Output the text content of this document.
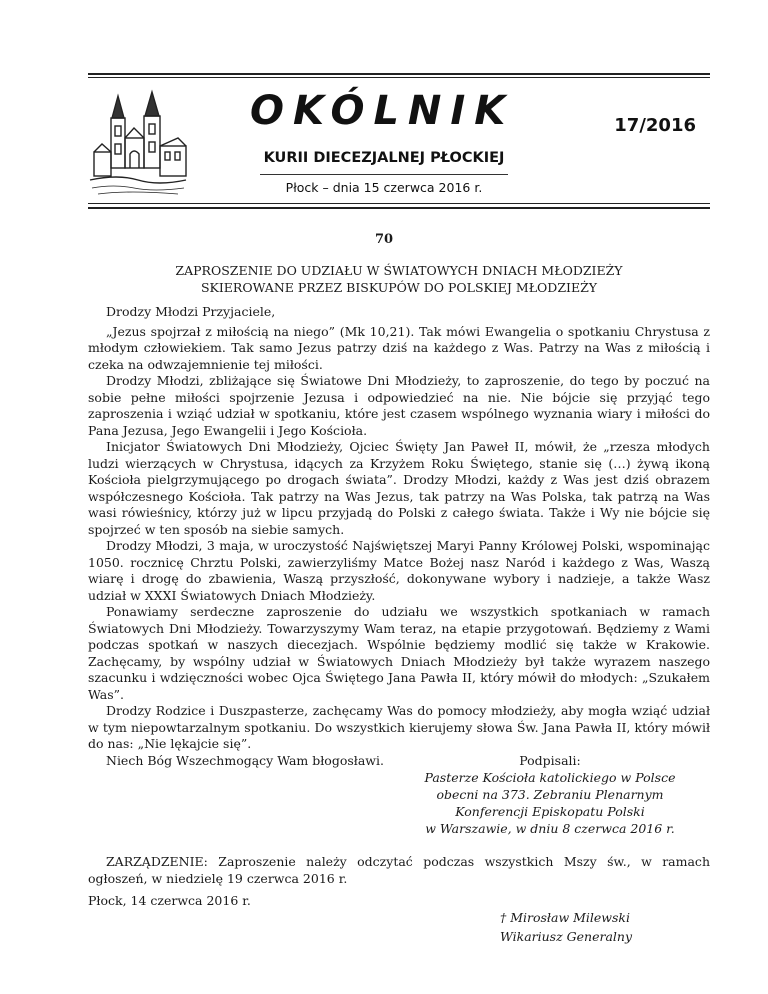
OKÓLNIK
KURII DIECEZJALNEJ PŁOCKIEJ
Płock – dnia 15 czerwca 2016 r.
17/2016
70
ZAPROSZENIE DO UDZIAŁU W ŚWIATOWYCH DNIACH MŁODZIEŻY
SKIEROWANE PRZEZ BISKUPÓW DO POLSKIEJ MŁODZIEŻY

Drodzy Młodzi Przyjaciele,

„Jezus spojrzał z miłością na niego” (Mk 10,21). Tak mówi Ewangelia o spotkaniu Chrystusa z młodym człowiekiem. Tak samo Jezus patrzy dziś na każdego z Was. Patrzy na Was z miłością i czeka na odwzajemnienie tej miłości.

Drodzy Młodzi, zbliżające się Światowe Dni Młodzieży, to zaproszenie, do tego by poczuć na sobie pełne miłości spojrzenie Jezusa i odpowiedzieć na nie. Nie bójcie się przyjąć tego zaproszenia i wziąć udział w spotkaniu, które jest czasem wspólnego wyznania wiary i miłości do Pana Jezusa, Jego Ewangelii i Jego Kościoła.

Inicjator Światowych Dni Młodzieży, Ojciec Święty Jan Paweł II, mówił, że „rzesza młodych ludzi wierzących w Chrystusa, idących za Krzyżem Roku Świętego, stanie się (…) żywą ikoną Kościoła pielgrzymującego po drogach świata”. Drodzy Młodzi, każdy z Was jest dziś obrazem współczesnego Kościoła. Tak patrzy na Was Jezus, tak patrzy na Was Polska, tak patrzą na Was wasi rówieśnicy, którzy już w lipcu przyjadą do Polski z całego świata. Także i Wy nie bójcie się spojrzeć w ten sposób na siebie samych.

Drodzy Młodzi, 3 maja, w uroczystość Najświętszej Maryi Panny Królowej Polski, wspominając 1050. rocznicę Chrztu Polski, zawierzyliśmy Matce Bożej nasz Naród i każdego z Was, Waszą wiarę i drogę do zbawienia, Waszą przyszłość, dokonywane wybory i nadzieje, a także Wasz udział w XXXI Światowych Dniach Młodzieży.

Ponawiamy serdeczne zaproszenie do udziału we wszystkich spotkaniach w ramach Światowych Dni Młodzieży. Towarzyszymy Wam teraz, na etapie przygotowań. Będziemy z Wami podczas spotkań w naszych diecezjach. Wspólnie będziemy modlić się także w Krakowie. Zachęcamy, by wspólny udział w Światowych Dniach Młodzieży był także wyrazem naszego szacunku i wdzięczności wobec Ojca Świętego Jana Pawła II, który mówił do młodych: „Szukałem Was”.

Drodzy Rodzice i Duszpasterze, zachęcamy Was do pomocy młodzieży, aby mogła wziąć udział w tym niepowtarzalnym spotkaniu. Do wszystkich kierujemy słowa Św. Jana Pawła II, który mówił do nas: „Nie lękajcie się”.

Niech Bóg Wszechmogący Wam błogosławi.	Podpisali:
Pasterze Kościoła katolickiego w Polsce
obecni na 373. Zebraniu Plenarnym
Konferencji Episkopatu Polski
w Warszawie, w dniu 8 czerwca 2016 r.
ZARZĄDZENIE: Zaproszenie należy odczytać podczas wszystkich Mszy św., w ramach ogłoszeń, w niedzielę 19 czerwca 2016 r.
Płock, 14 czerwca 2016 r.
† Mirosław Milewski
Wikariusz Generalny
